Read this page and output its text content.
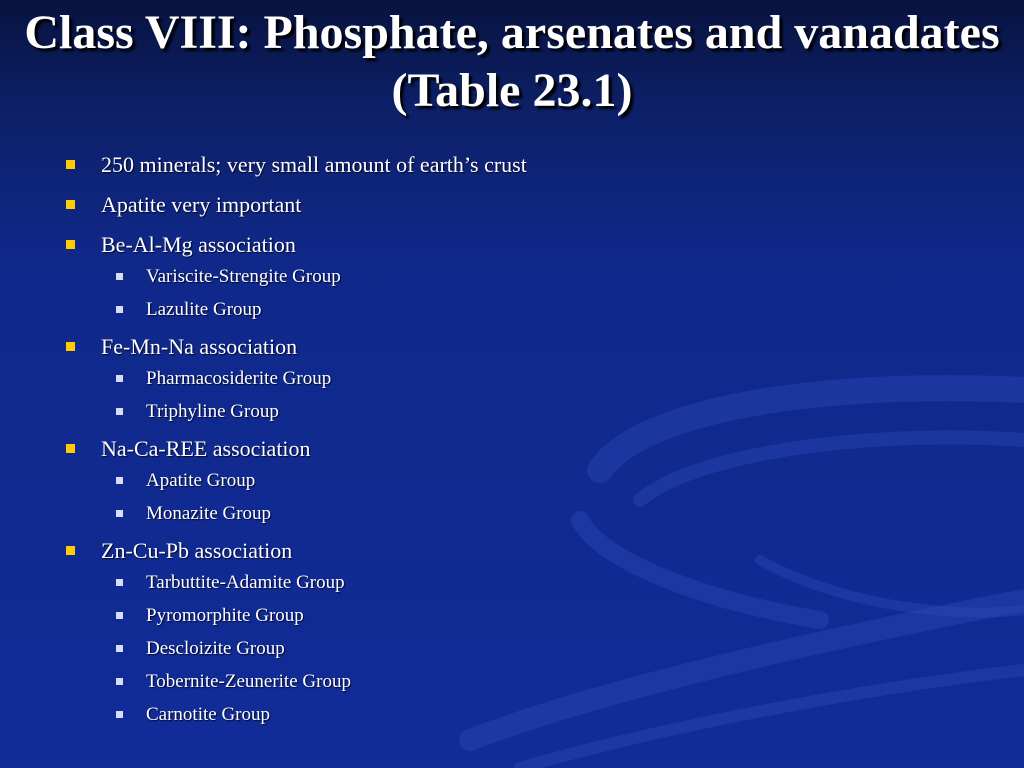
Class VIII: Phosphate, arsenates and vanadates (Table 23.1)
250 minerals; very small amount of earth’s crust
Apatite very important
Be-Al-Mg association
Variscite-Strengite Group
Lazulite Group
Fe-Mn-Na association
Pharmacosiderite Group
Triphyline Group
Na-Ca-REE association
Apatite Group
Monazite Group
Zn-Cu-Pb association
Tarbuttite-Adamite Group
Pyromorphite Group
Descloizite Group
Tobernite-Zeunerite Group
Carnotite Group
